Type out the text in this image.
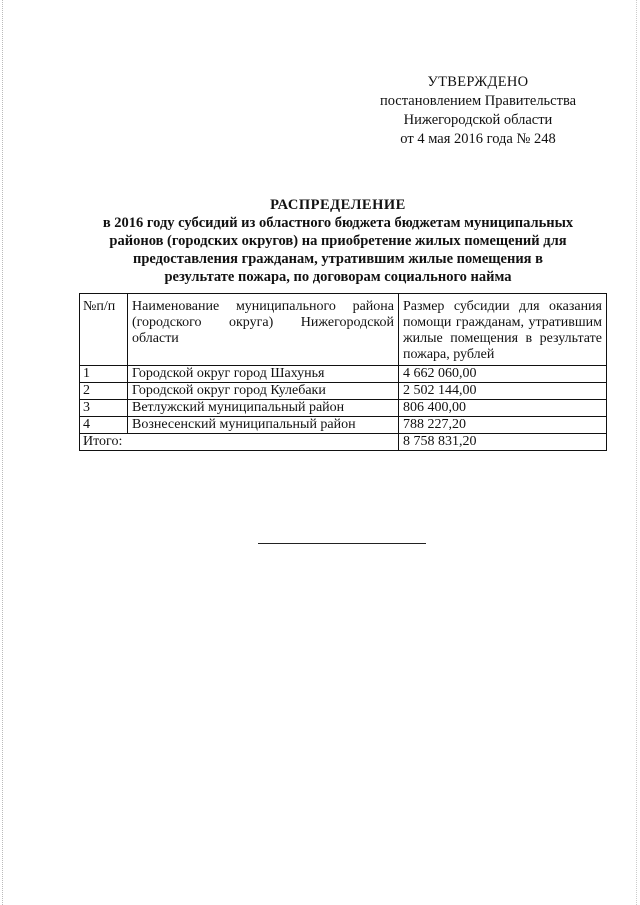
УТВЕРЖДЕНО
постановлением Правительства
Нижегородской области
от 4 мая 2016 года № 248
РАСПРЕДЕЛЕНИЕ
в 2016 году субсидий из областного бюджета бюджетам муниципальных
районов (городских округов) на приобретение жилых помещений для
предоставления гражданам, утратившим жилые помещения в
результате пожара, по договорам социального найма
№п/п	Наименование муниципального района (городского округа) Нижегородской области	Размер субсидии для оказания помощи гражданам, утратившим жилые помещения в результате пожара, рублей
1	Городской округ город Шахунья	4 662 060,00
2	Городской округ город Кулебаки	2 502 144,00
3	Ветлужский муниципальный район	806 400,00
4	Вознесенский муниципальный район	788 227,20
Итого:		8 758 831,20
